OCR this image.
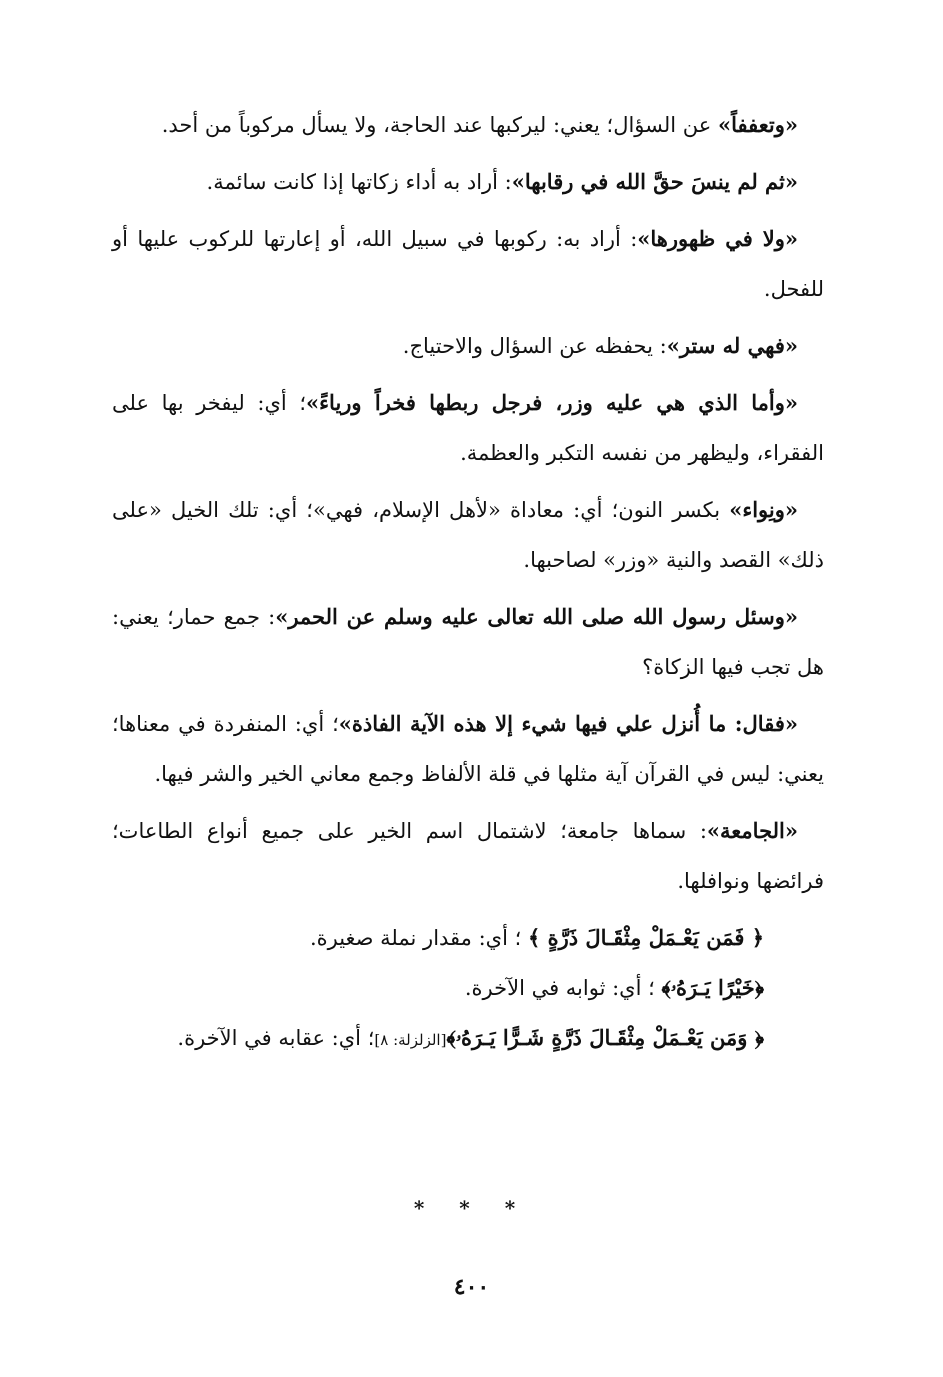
«وتعففاً» عن السؤال؛ يعني: ليركبها عند الحاجة، ولا يسأل مركوباً من أحد.

«ثم لم ينسَ حقَّ الله في رقابها»: أراد به أداء زكاتها إذا كانت سائمة.

«ولا في ظهورها»: أراد به: ركوبها في سبيل الله، أو إعارتها للركوب عليها أو للفحل.

«فهي له ستر»: يحفظه عن السؤال والاحتياج.

«وأما الذي هي عليه وزر، فرجل ربطها فخراً ورياءً»؛ أي: ليفخر بها على الفقراء، وليظهر من نفسه التكبر والعظمة.

«ونِواء» بكسر النون؛ أي: معاداة «لأهل الإسلام، فهي»؛ أي: تلك الخيل «على ذلك» القصد والنية «وزر» لصاحبها.

«وسئل رسول الله صلى الله تعالى عليه وسلم عن الحمر»: جمع حمار؛ يعني: هل تجب فيها الزكاة؟

«فقال: ما أُنزل علي فيها شيء إلا هذه الآية الفاذة»؛ أي: المنفردة في معناها؛ يعني: ليس في القرآن آية مثلها في قلة الألفاظ وجمع معاني الخير والشر فيها.

«الجامعة»: سماها جامعة؛ لاشتمال اسم الخير على جميع أنواع الطاعات؛ فرائضها ونوافلها.

﴿ فَمَن يَعْـمَلْ مِثْقَـالَ ذَرَّةٍ ﴾ ؛ أي: مقدار نملة صغيرة.

﴿خَيْرًا يَـرَهُۥ﴾ ؛ أي: ثوابه في الآخرة.

﴿ وَمَن يَعْـمَلْ مِثْقَـالَ ذَرَّةٍ شَـرًّا يَـرَهُۥ﴾[الزلزلة: ٨]؛ أي: عقابه في الآخرة.

* * *
٤٠٠
